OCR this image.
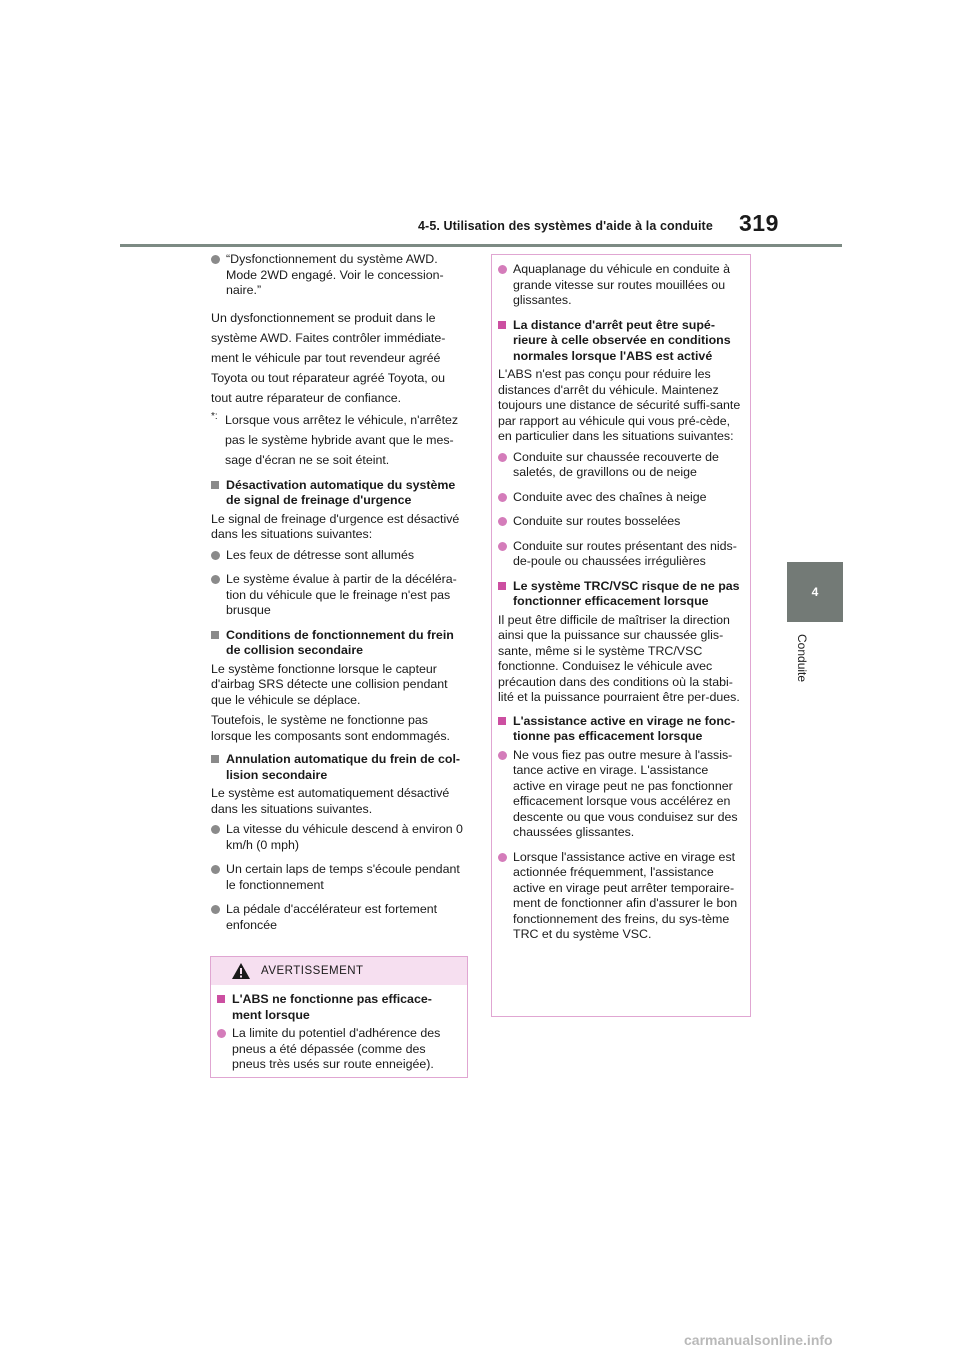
4-5. Utilisation des systèmes d'aide à la conduite 319
4
Conduite
“Dysfonctionnement du système AWD. Mode 2WD engagé. Voir le concession-naire.”
Un dysfonctionnement se produit dans le
système AWD. Faites contrôler immédiate-
ment le véhicule par tout revendeur agréé
Toyota ou tout réparateur agréé Toyota, ou
tout autre réparateur de confiance.
*: Lorsque vous arrêtez le véhicule, n'arrêtez
pas le système hybride avant que le mes-
sage d'écran ne se soit éteint.
Désactivation automatique du système de signal de freinage d'urgence
Le signal de freinage d'urgence est désactivé dans les situations suivantes:
Les feux de détresse sont allumés
Le système évalue à partir de la décéléra-tion du véhicule que le freinage n'est pas brusque
Conditions de fonctionnement du frein de collision secondaire
Le système fonctionne lorsque le capteur d'airbag SRS détecte une collision pendant que le véhicule se déplace.
Toutefois, le système ne fonctionne pas lorsque les composants sont endommagés.
Annulation automatique du frein de col-lision secondaire
Le système est automatiquement désactivé dans les situations suivantes.
La vitesse du véhicule descend à environ 0 km/h (0 mph)
Un certain laps de temps s'écoule pendant le fonctionnement
La pédale d'accélérateur est fortement enfoncée
AVERTISSEMENT
L'ABS ne fonctionne pas efficace-ment lorsque
La limite du potentiel d'adhérence des pneus a été dépassée (comme des pneus très usés sur route enneigée).
Aquaplanage du véhicule en conduite à grande vitesse sur routes mouillées ou glissantes.
La distance d'arrêt peut être supé-rieure à celle observée en conditions normales lorsque l'ABS est activé
L'ABS n'est pas conçu pour réduire les distances d'arrêt du véhicule. Maintenez toujours une distance de sécurité suffi-sante par rapport au véhicule qui vous pré-cède, en particulier dans les situations suivantes:
Conduite sur chaussée recouverte de saletés, de gravillons ou de neige
Conduite avec des chaînes à neige
Conduite sur routes bosselées
Conduite sur routes présentant des nids-de-poule ou chaussées irrégulières
Le système TRC/VSC risque de ne pas fonctionner efficacement lorsque
Il peut être difficile de maîtriser la direction ainsi que la puissance sur chaussée glis-sante, même si le système TRC/VSC fonctionne. Conduisez le véhicule avec précaution dans des conditions où la stabi-lité et la puissance pourraient être per-dues.
L'assistance active en virage ne fonc-tionne pas efficacement lorsque
Ne vous fiez pas outre mesure à l'assis-tance active en virage. L'assistance active en virage peut ne pas fonctionner efficacement lorsque vous accélérez en descente ou que vous conduisez sur des chaussées glissantes.
Lorsque l'assistance active en virage est actionnée fréquemment, l'assistance active en virage peut arrêter temporaire-ment de fonctionner afin d'assurer le bon fonctionnement des freins, du sys-tème TRC et du système VSC.
carmanualsonline.info
